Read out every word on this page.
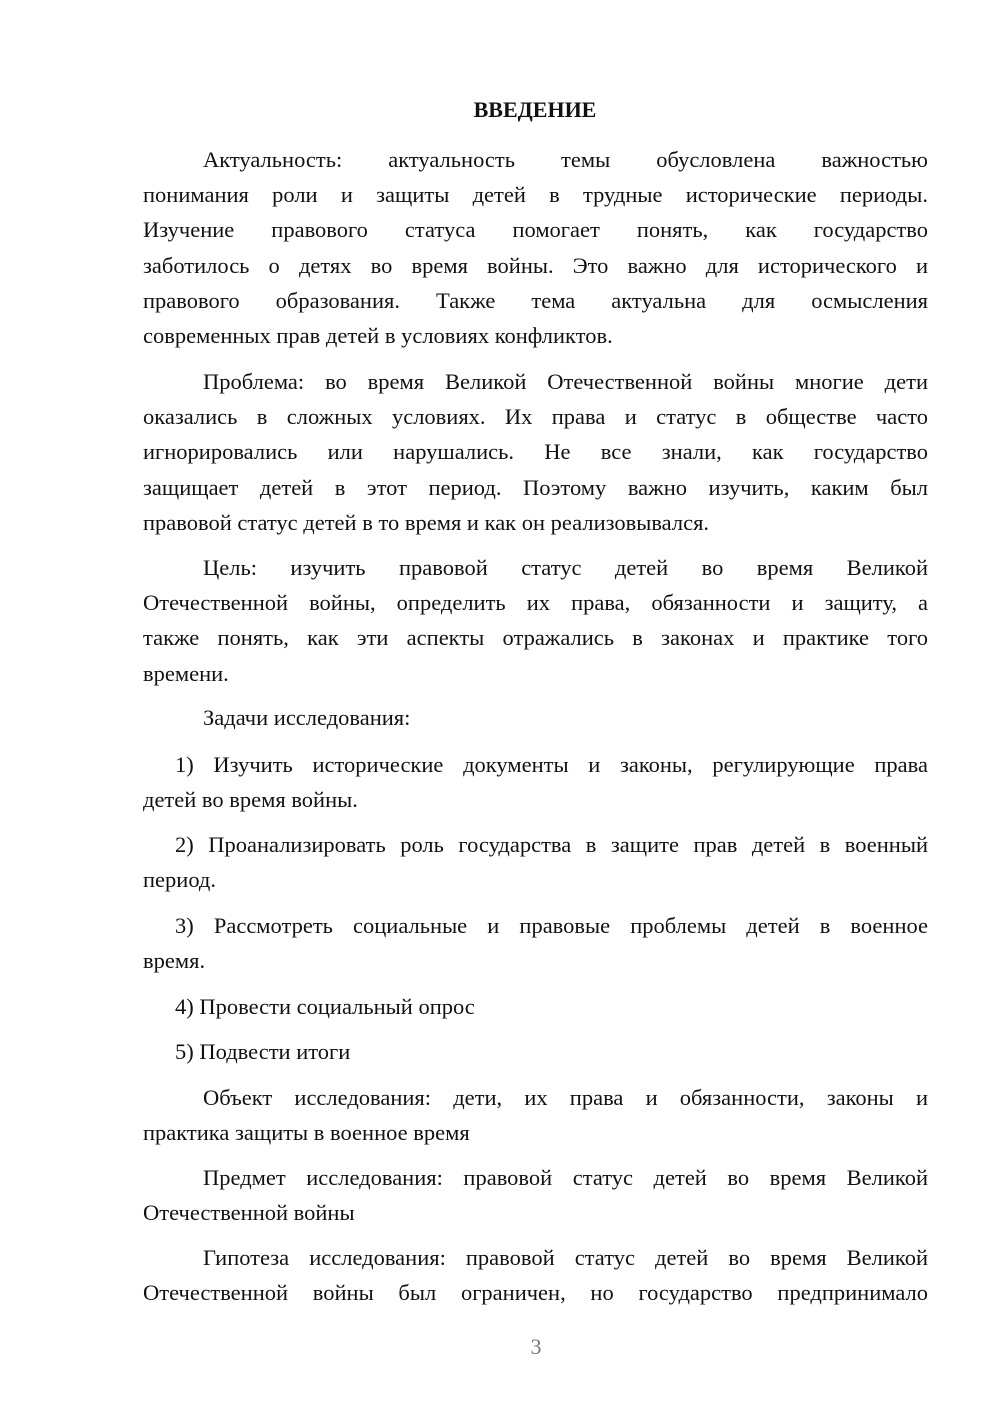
ВВЕДЕНИЕ
Актуальность: актуальность темы обусловлена важностью
понимания роли и защиты детей в трудные исторические периоды.
Изучение правового статуса помогает понять, как государство
заботилось о детях во время войны. Это важно для исторического и
правового образования. Также тема актуальна для осмысления
современных прав детей в условиях конфликтов.
Проблема: во время Великой Отечественной войны многие дети
оказались в сложных условиях. Их права и статус в обществе часто
игнорировались или нарушались. Не все знали, как государство
защищает детей в этот период. Поэтому важно изучить, каким был
правовой статус детей в то время и как он реализовывался.
Цель: изучить правовой статус детей во время Великой
Отечественной войны, определить их права, обязанности и защиту, а
также понять, как эти аспекты отражались в законах и практике того
времени.
Задачи исследования:
1) Изучить исторические документы и законы, регулирующие права
детей во время войны.
2) Проанализировать роль государства в защите прав детей в военный
период.
3) Рассмотреть социальные и правовые проблемы детей в военное
время.
4) Провести социальный опрос
5) Подвести итоги
Объект исследования: дети, их права и обязанности, законы и
практика защиты в военное время
Предмет исследования: правовой статус детей во время Великой
Отечественной войны
Гипотеза исследования: правовой статус детей во время Великой
Отечественной войны был ограничен, но государство предпринимало
3
